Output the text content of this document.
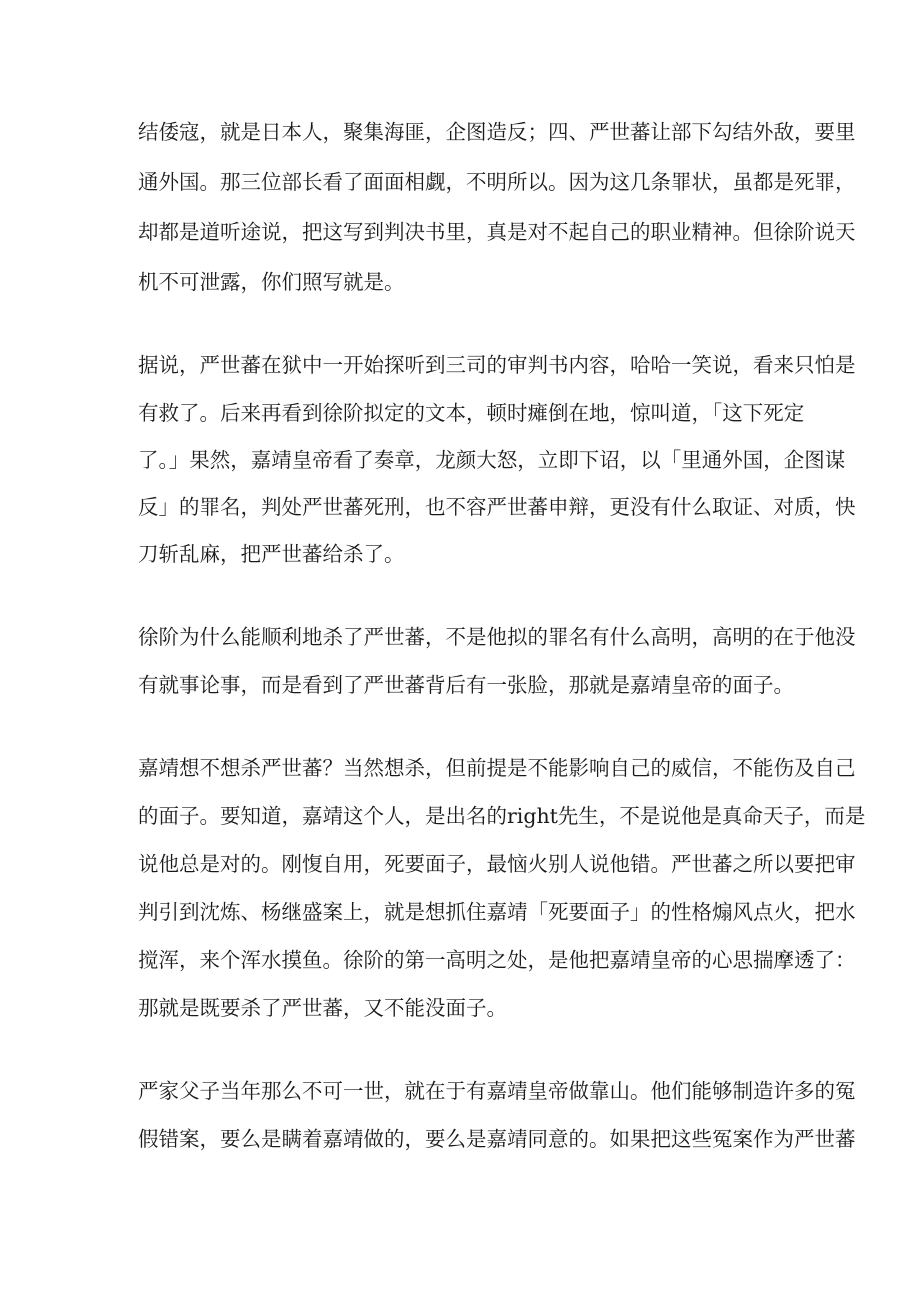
结倭寇，就是日本人，聚集海匪，企图造反；四、严世蕃让部下勾结外敌，要里
通外国。那三位部长看了面面相觑，不明所以。因为这几条罪状，虽都是死罪，
却都是道听途说，把这写到判决书里，真是对不起自己的职业精神。但徐阶说天
机不可泄露，你们照写就是。
据说，严世蕃在狱中一开始探听到三司的审判书内容，哈哈一笑说，看来只怕是
有救了。后来再看到徐阶拟定的文本，顿时瘫倒在地，惊叫道，「这下死定
了。」果然，嘉靖皇帝看了奏章，龙颜大怒，立即下诏，以「里通外国，企图谋
反」的罪名，判处严世蕃死刑，也不容严世蕃申辩，更没有什么取证、对质，快
刀斩乱麻，把严世蕃给杀了。
徐阶为什么能顺利地杀了严世蕃，不是他拟的罪名有什么高明，高明的在于他没
有就事论事，而是看到了严世蕃背后有一张脸，那就是嘉靖皇帝的面子。
嘉靖想不想杀严世蕃？当然想杀，但前提是不能影响自己的威信，不能伤及自己
的面子。要知道，嘉靖这个人，是出名的right先生，不是说他是真命天子，而是
说他总是对的。刚愎自用，死要面子，最恼火别人说他错。严世蕃之所以要把审
判引到沈炼、杨继盛案上，就是想抓住嘉靖「死要面子」的性格煽风点火，把水
搅浑，来个浑水摸鱼。徐阶的第一高明之处，是他把嘉靖皇帝的心思揣摩透了：
那就是既要杀了严世蕃，又不能没面子。
严家父子当年那么不可一世，就在于有嘉靖皇帝做靠山。他们能够制造许多的冤
假错案，要么是瞒着嘉靖做的，要么是嘉靖同意的。如果把这些冤案作为严世蕃
